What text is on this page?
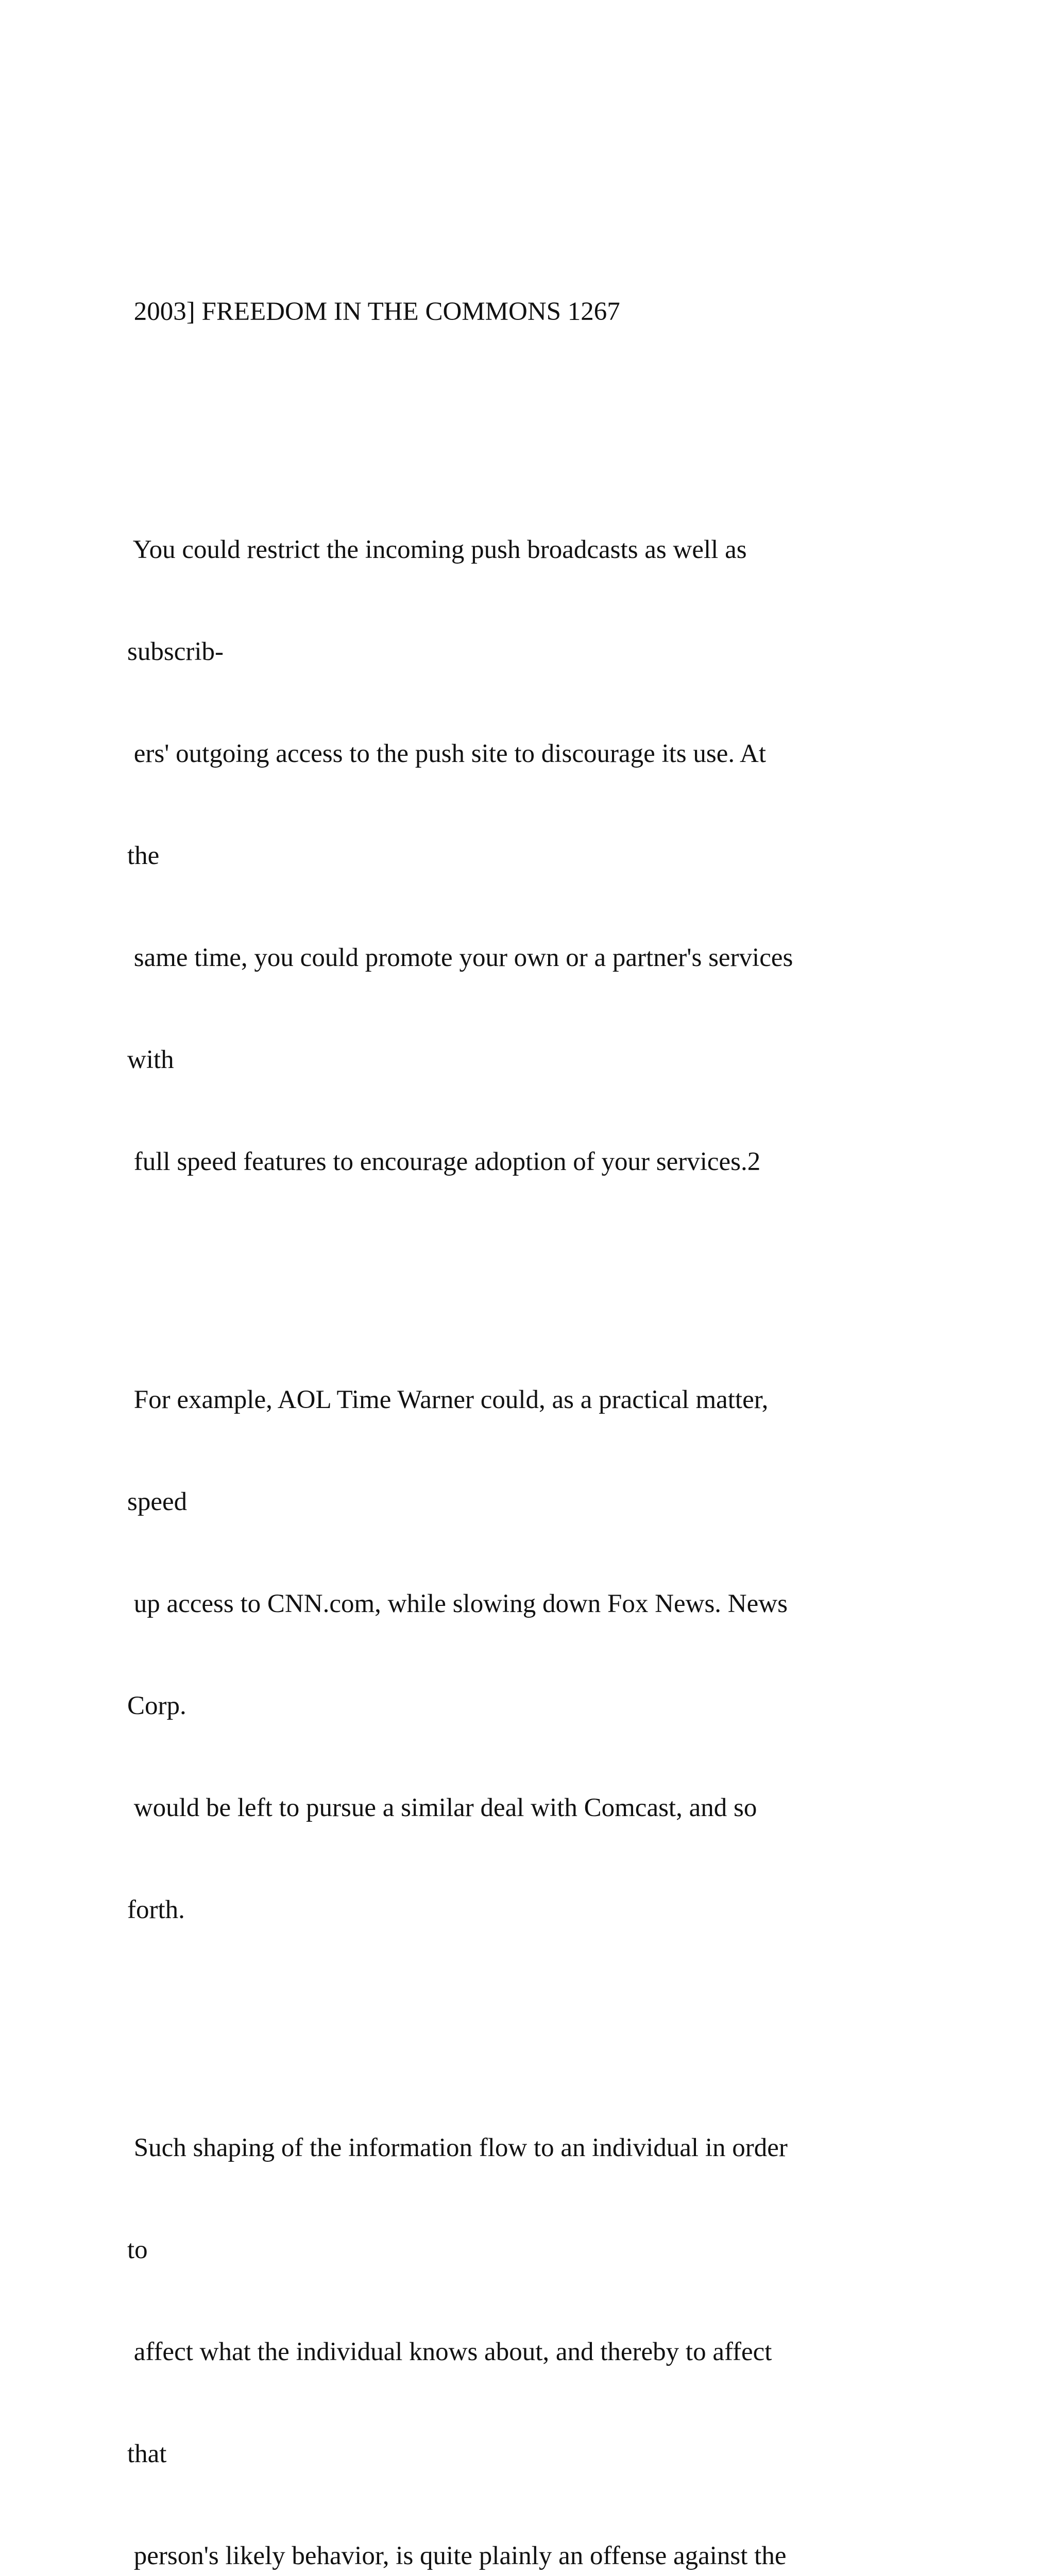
2003] FREEDOM IN THE COMMONS 1267

You could restrict the incoming push broadcasts as well as

subscrib-

ers' outgoing access to the push site to discourage its use. At

the

same time, you could promote your own or a partner's services

with

full speed features to encourage adoption of your services.2

For example, AOL Time Warner could, as a practical matter,

speed

up access to CNN.com, while slowing down Fox News. News

Corp.

would be left to pursue a similar deal with Comcast, and so

forth.

Such shaping of the information flow to an individual in order

to

affect what the individual knows about, and thereby to affect

that

person's likely behavior, is quite plainly an offense against the
